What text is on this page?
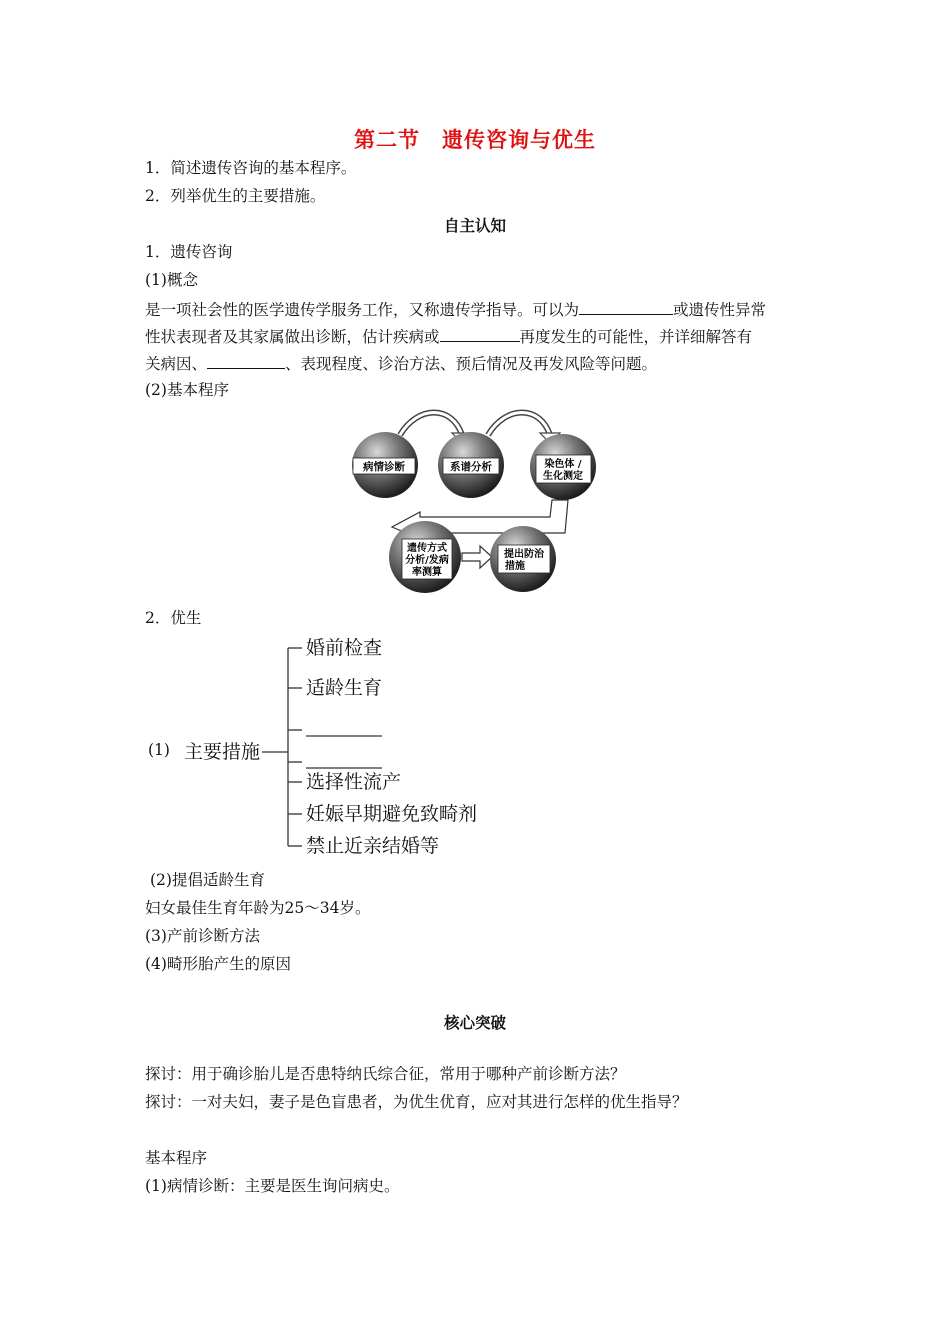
第二节 遗传咨询与优生
1．简述遗传咨询的基本程序。
2．列举优生的主要措施。
自主认知
1．遗传咨询
(1)概念
是一项社会性的医学遗传学服务工作，又称遗传学指导。可以为	或遗传性异常
性状表现者及其家属做出诊断，估计疾病或	再度发生的可能性，并详细解答有
关病因、	、表现程度、诊治方法、预后情况及再发风险等问题。
(2)基本程序
病情诊断	系谱分析	染色体 /
生化测定
遗传方式
分析/发病
率测算
提出防治
措施
2．优生
(1) 主要措施
婚前检查
适龄生育
选择性流产
妊娠早期避免致畸剂
禁止近亲结婚等
(2)提倡适龄生育
妇女最佳生育年龄为25～34岁。
(3)产前诊断方法
(4)畸形胎产生的原因
核心突破
探讨：用于确诊胎儿是否患特纳氏综合征，常用于哪种产前诊断方法？
探讨：一对夫妇，妻子是色盲患者，为优生优育，应对其进行怎样的优生指导？
基本程序
(1)病情诊断：主要是医生询问病史。
